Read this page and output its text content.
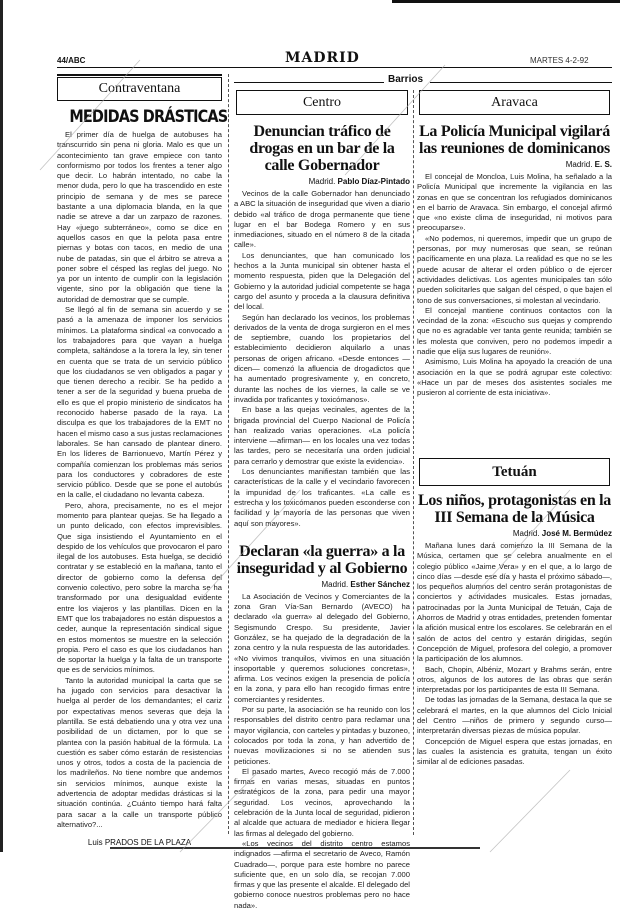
44/ABC	MADRID	MARTES 4-2-92
Contraventana
MEDIDAS DRÁSTICAS

El primer día de huelga de autobuses ha transcurrido sin pena ni gloria. Malo es que un acontecimiento tan grave empiece con tanto conformismo por todos los frentes a tener algo que decir. Lo habrán intentado, no cabe la menor duda, pero lo que ha trascendido en este principio de semana y de mes se parece bastante a una diplomacia blanda, en la que nadie se atreve a dar un zarpazo de razones. Hay «juego subterráneo», como se dice en aquellos casos en que la pelota pasa entre piernas y botas con tacos, en medio de una nube de patadas, sin que el árbitro se atreva a poner sobre el césped las reglas del juego. No ya por un intento de cumplir con la legislación vigente, sino por la obligación que tiene la autoridad de demostrar que se cumple.

Se llegó al fin de semana sin acuerdo y se pasó a la amenaza de imponer los servicios mínimos. La plataforma sindical «a convocado a los trabajadores para que vayan a huelga completa, saltándose a la torera la ley, sin tener en cuenta que se trata de un servicio público que los ciudadanos se ven obligados a pagar y que tienen derecho a recibir. Se ha pedido a tener a ser de la seguridad y buena prueba de ello es que el propio ministerio de sindicatos ha reconocido haberse pasado de la raya. La disculpa es que los trabajadores de la EMT no hacen el mismo caso a sus justas reclamaciones laborales. Se han cansado de plantear dinero. En los líderes de Barrionuevo, Martín Pérez y compañía comienzan los problemas más serios para los conductores y cobradores de este servicio público. Desde que se pone el autobús en la calle, el ciudadano no levanta cabeza.

Pero, ahora, precisamente, no es el mejor momento para plantear quejas. Se ha llegado a un punto delicado, con efectos imprevisibles. Que siga insistiendo el Ayuntamiento en el despido de los vehículos que provocaron el paro ilegal de los autobuses. Esta huelga, se decidió contratar y se estableció en la mañana, tanto el director de gobierno como la defensa del convenio colectivo, pero sobre la marcha se ha transformado por una desigualdad evidente entre los viajeros y las plantillas. Dicen en la EMT que los trabajadores no están dispuestos a ceder, aunque la representación sindical sigue en estos momentos se muestre en la selección propia. Pero el caso es que los ciudadanos han de soportar la huelga y la falta de un transporte que es de servicios mínimos.

Tanto la autoridad municipal la carta que se ha jugado con servicios para desactivar la huelga al perder de los demandantes; el cariz por expectativas menos severas que deja la plantilla. Se está debatiendo una y otra vez una posibilidad de un dictamen, por lo que se plantea con la pasión habitual de la fórmula. La cuestión es saber cómo estarán de resistencias unos y otros, todos a costa de la paciencia de los madrileños. No tiene nombre que andemos sin servicios mínimos, aunque existe la advertencia de adoptar medidas drásticas si la situación continúa. ¿Cuánto tiempo hará falta para sacar a la calle un transporte público alternativo?...

Luis PRADOS DE LA PLAZA
Barrios
Centro
Denuncian tráfico de drogas en un bar de la calle Gobernador
Madrid. Pablo Díaz-Pintado

Vecinos de la calle Gobernador han denunciado a ABC la situación de inseguridad que viven a diario debido «al tráfico de droga permanente que tiene lugar en el bar Bodega Romero y en sus inmediaciones, situado en el número 8 de la citada calle».

Los denunciantes, que han comunicado los hechos a la Junta municipal sin obtener hasta el momento respuesta, piden que la Delegación del Gobierno y la autoridad judicial competente se haga cargo del asunto y proceda a la clausura definitiva del local.

Según han declarado los vecinos, los problemas derivados de la venta de droga surgieron en el mes de septiembre, cuando los propietarios del establecimiento decidieron alquilarlo a unas personas de origen africano. «Desde entonces —dicen— comenzó la afluencia de drogadictos que ha aumentado progresivamente y, en concreto, durante las noches de los viernes, la calle se ve invadida por traficantes y toxicómanos».

En base a las quejas vecinales, agentes de la brigada provincial del Cuerpo Nacional de Policía han realizado varias operaciones. «La policía interviene —afirman— en los locales una vez todas las tardes, pero se necesitaría una orden judicial para cerrarlo y demostrar que existe la evidencia».

Los denunciantes manifiestan también que las características de la calle y el vecindario favorecen la impunidad de los traficantes. «La calle es estrecha y los toxicómanos pueden esconderse con facilidad y la mayoría de las personas que viven aquí son mayores».

Declaran «la guerra» a la inseguridad y al Gobierno
Madrid. Esther Sánchez

La Asociación de Vecinos y Comerciantes de la zona Gran Vía-San Bernardo (AVECO) ha declarado «la guerra» al delegado del Gobierno, Segismundo Crespo. Su presidente, Javier González, se ha quejado de la degradación de la zona centro y la nula respuesta de las autoridades. «No vivimos tranquilos, vivimos en una situación insoportable y queremos soluciones concretas», afirma. Los vecinos exigen la presencia de policía en la zona, y para ello han recogido firmas entre comerciantes y residentes.

Por su parte, la asociación se ha reunido con los responsables del distrito centro para reclamar una mayor vigilancia, con carteles y pintadas y buzoneo, colocados por toda la zona, y han advertido de nuevas movilizaciones si no se atienden sus peticiones.

El pasado martes, Aveco recogió más de 7.000 firmas en varias mesas, situadas en puntos estratégicos de la zona, para pedir una mayor seguridad. Los vecinos, aprovechando la celebración de la Junta local de seguridad, pidieron al alcalde que actuara de mediador e hiciera llegar las firmas al delegado del gobierno.

«Los vecinos del distrito centro estamos indignados —afirma el secretario de Aveco, Ramón Cuadrado—, porque para este hombre no parece suficiente que, en un solo día, se recojan 7.000 firmas y que las presente el alcalde. El delegado del gobierno conoce nuestros problemas pero no hace nada».

Aravaca
La Policía Municipal vigilará las reuniones de dominicanos
Madrid. E. S.

El concejal de Moncloa, Luis Molina, ha señalado a la Policía Municipal que incremente la vigilancia en las zonas en que se concentran los refugiados dominicanos en el barrio de Aravaca. Sin embargo, el concejal afirmó que «no existe clima de inseguridad, ni motivos para preocuparse».

«No podemos, ni queremos, impedir que un grupo de personas, por muy numerosas que sean, se reúnan pacíficamente en una plaza. La realidad es que no se les puede acusar de alterar el orden público o de ejercer actividades delictivas. Los agentes municipales tan sólo pueden solicitarles que salgan del césped, o que bajen el tono de sus conversaciones, si molestan al vecindario.

El concejal mantiene continuos contactos con la vecindad de la zona: «Escucho sus quejas y comprendo que no es agradable ver tanta gente reunida; también se les molesta que conviven, pero no podemos impedir a nadie que elija sus lugares de reunión».

Asimismo, Luis Molina ha apoyado la creación de una asociación en la que se podrá agrupar este colectivo: «Hace un par de meses dos asistentes sociales me pusieron al corriente de esta iniciativa».

Tetuán
Los niños, protagonistas en la III Semana de la Música
Madrid. José M. Bermúdez

Mañana lunes dará comienzo la III Semana de la Música, certamen que se celebra anualmente en el colegio público «Jaime Vera» y en el que, a lo largo de cinco días —desde ese día y hasta el próximo sábado—, los pequeños alumnos del centro serán protagonistas de conciertos y actividades musicales. Estas jornadas, patrocinadas por la Junta Municipal de Tetuán, Caja de Ahorros de Madrid y otras entidades, pretenden fomentar la afición musical entre los escolares. Se celebrarán en el salón de actos del centro y estarán dirigidas, según Concepción de Miguel, profesora del colegio, a promover la participación de los alumnos.

Bach, Chopin, Albéniz, Mozart y Brahms serán, entre otros, algunos de los autores de las obras que serán interpretadas por los participantes de esta III Semana.

De todas las jornadas de la Semana, destaca la que se celebrará el martes, en la que alumnos del Ciclo Inicial del Centro —niños de primero y segundo curso— interpretarán diversas piezas de música popular.

Concepción de Miguel espera que estas jornadas, en las cuales la asistencia es gratuita, tengan un éxito similar al de ediciones pasadas.
